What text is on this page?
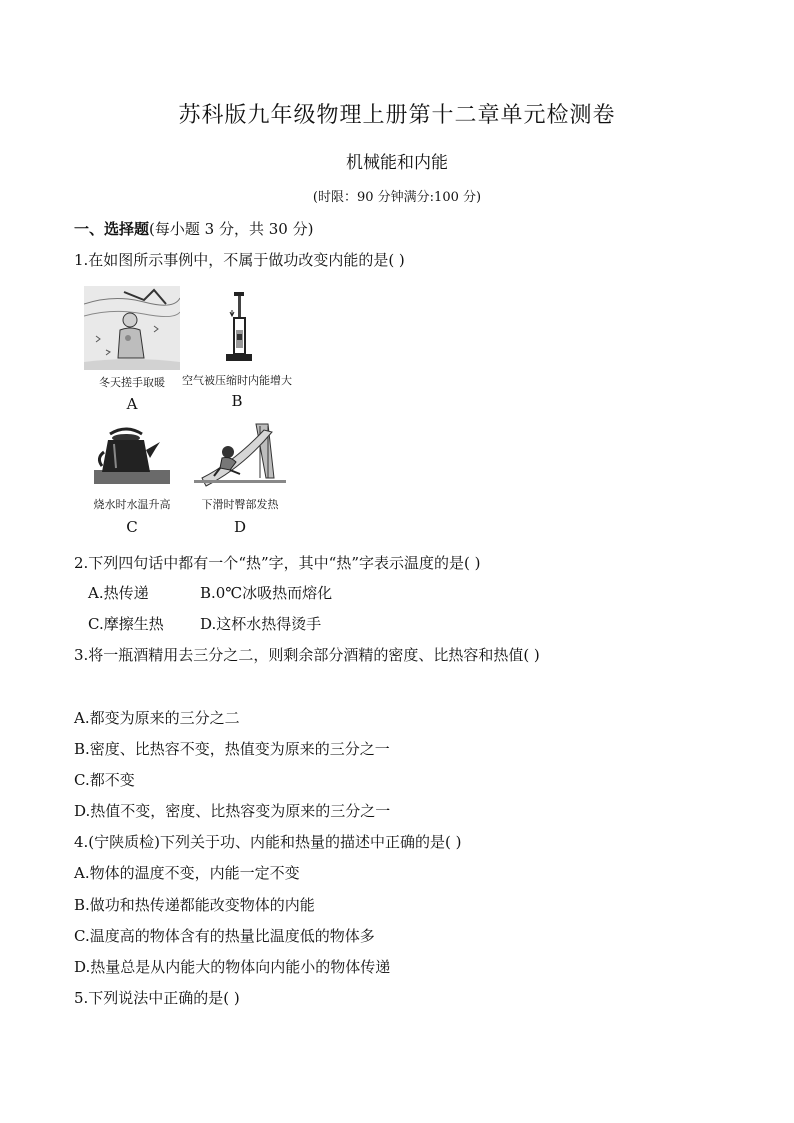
苏科版九年级物理上册第十二章单元检测卷
机械能和内能
(时限：90 分钟满分:100 分)
一、选择题(每小题 3 分，共 30 分)
1.在如图所示事例中，不属于做功改变内能的是( )
冬天搓手取暖
A
空气被压缩时内能增大
B
烧水时水温升高
C
下滑时臀部发热
D
2.下列四句话中都有一个“热”字，其中“热”字表示温度的是( )
A.热传递	B.0℃冰吸热而熔化
C.摩擦生热 D.这杯水热得烫手
3.将一瓶酒精用去三分之二，则剩余部分酒精的密度、比热容和热值( )
A.都变为原来的三分之二
B.密度、比热容不变，热值变为原来的三分之一
C.都不变
D.热值不变，密度、比热容变为原来的三分之一
4.(宁陕质检)下列关于功、内能和热量的描述中正确的是( )
A.物体的温度不变，内能一定不变
B.做功和热传递都能改变物体的内能
C.温度高的物体含有的热量比温度低的物体多
D.热量总是从内能大的物体向内能小的物体传递
5.下列说法中正确的是( )
